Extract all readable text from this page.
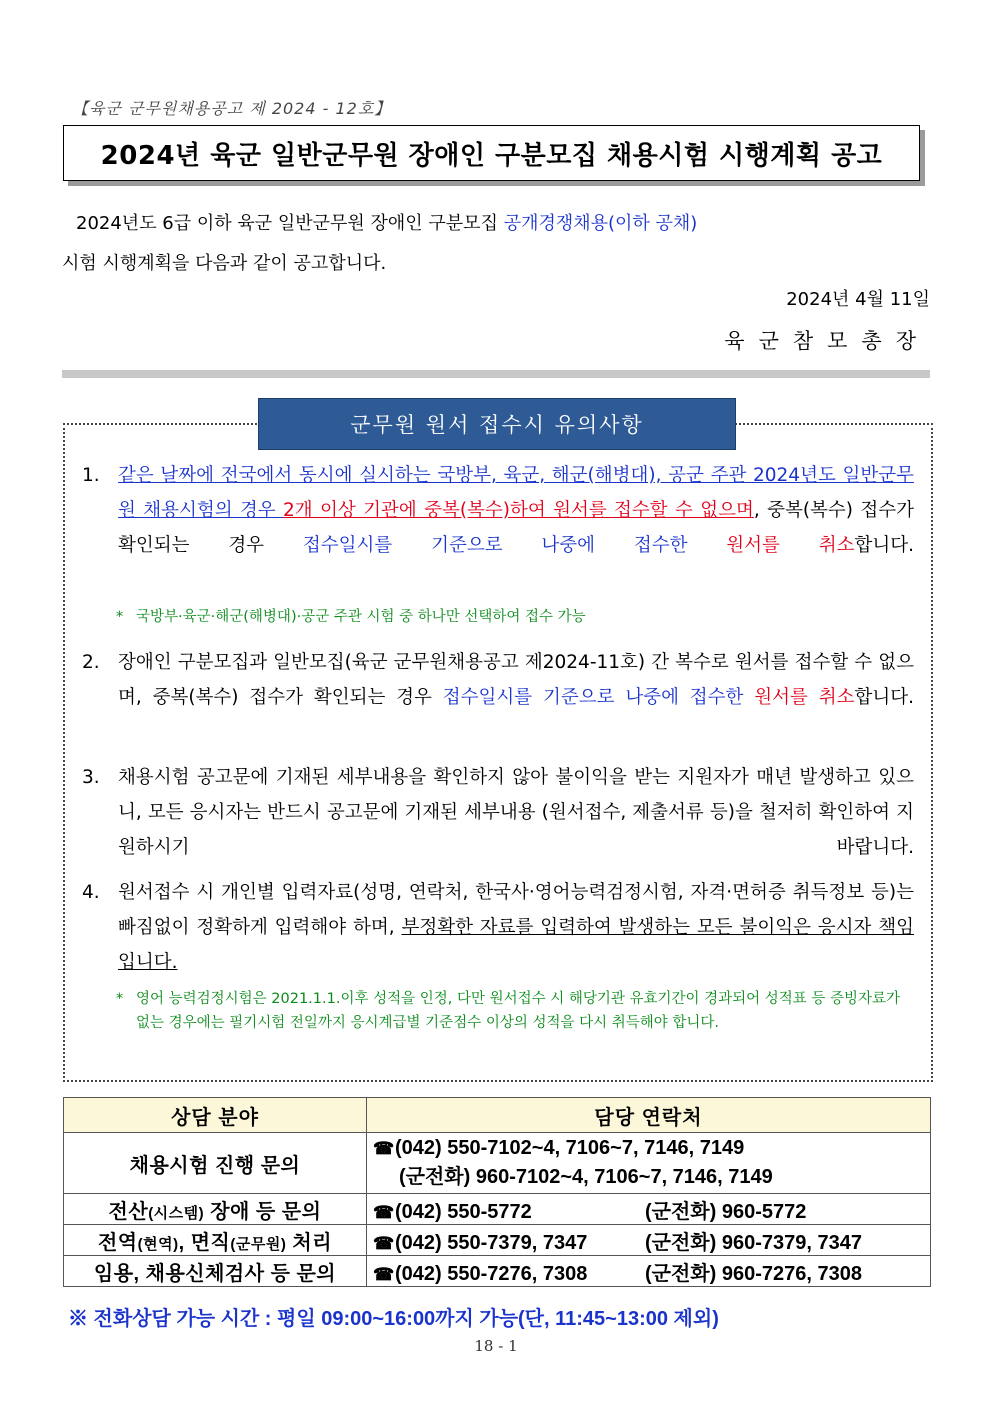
【육군 군무원채용공고 제 2024 - 12호】
2024년 육군 일반군무원 장애인 구분모집 채용시험 시행계획 공고
2024년도 6급 이하 육군 일반군무원 장애인 구분모집 공개경쟁채용(이하 공채)
시험 시행계획을 다음과 같이 공고합니다.
2024년 4월 11일
육군참모총장
군무원 원서 접수시 유의사항
1. 같은 날짜에 전국에서 동시에 실시하는 국방부, 육군, 해군(해병대), 공군 주관 2024년도 일반군무원 채용시험의 경우 2개 이상 기관에 중복(복수)하여 원서를 접수할 수 없으며, 중복(복수) 접수가 확인되는 경우 접수일시를 기준으로 나중에 접수한 원서를 취소합니다.
* 국방부·육군·해군(해병대)·공군 주관 시험 중 하나만 선택하여 접수 가능
2. 장애인 구분모집과 일반모집(육군 군무원채용공고 제2024-11호) 간 복수로 원서를 접수할 수 없으며, 중복(복수) 접수가 확인되는 경우 접수일시를 기준으로 나중에 접수한 원서를 취소합니다.
3. 채용시험 공고문에 기재된 세부내용을 확인하지 않아 불이익을 받는 지원자가 매년 발생하고 있으니, 모든 응시자는 반드시 공고문에 기재된 세부내용 (원서접수, 제출서류 등)을 철저히 확인하여 지원하시기 바랍니다.
4. 원서접수 시 개인별 입력자료(성명, 연락처, 한국사·영어능력검정시험, 자격·면허증 취득정보 등)는 빠짐없이 정확하게 입력해야 하며, 부정확한 자료를 입력하여 발생하는 모든 불이익은 응시자 책임입니다.
* 영어 능력검정시험은 2021.1.1.이후 성적을 인정, 다만 원서접수 시 해당기관 유효기간이 경과되어 성적표 등 증빙자료가 없는 경우에는 필기시험 전일까지 응시계급별 기준점수 이상의 성적을 다시 취득해야 합니다.
상담 분야	담당 연락처
채용시험 진행 문의	☎(042) 550-7102~4, 7106~7, 7146, 7149
(군전화) 960-7102~4, 7106~7, 7146, 7149

전산(시스템) 장애 등 문의	☎(042) 550-5772 (군전화) 960-5772
전역(현역), 면직(군무원) 처리	☎(042) 550-7379, 7347 (군전화) 960-7379, 7347
임용, 채용신체검사 등 문의	☎(042) 550-7276, 7308 (군전화) 960-7276, 7308
※ 전화상담 가능 시간 : 평일 09:00~16:00까지 가능(단, 11:45~13:00 제외)
18 - 1
